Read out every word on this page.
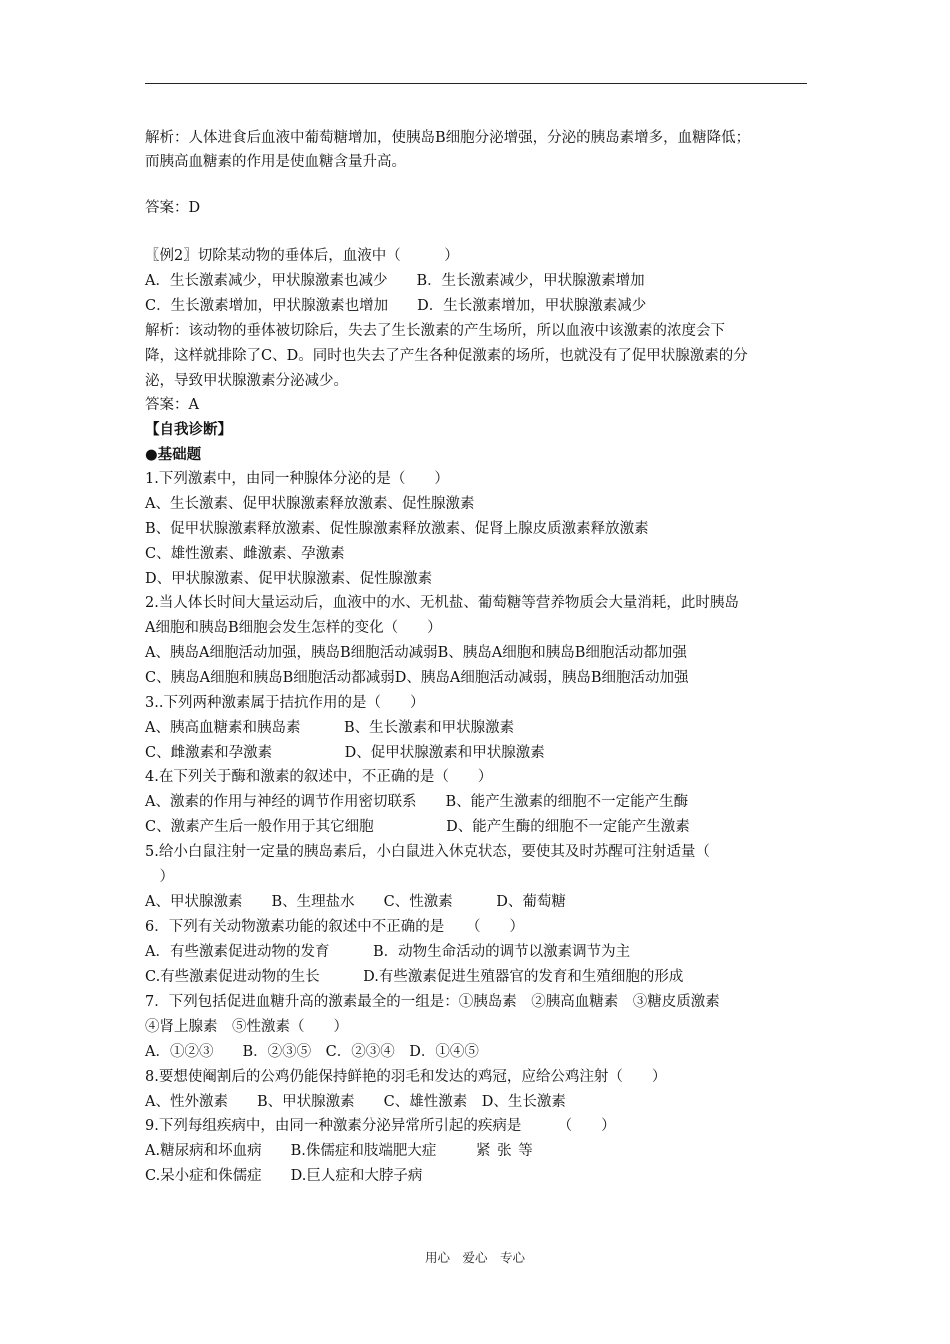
解析：人体进食后血液中葡萄糖增加，使胰岛B细胞分泌增强，分泌的胰岛素增多，血糖降低；
而胰高血糖素的作用是使血糖含量升高。
答案：D
〖例2〗切除某动物的垂体后，血液中（　　　）
A．生长激素减少，甲状腺激素也减少　　B．生长激素减少，甲状腺激素增加
C．生长激素增加，甲状腺激素也增加　　D．生长激素增加，甲状腺激素减少
解析：该动物的垂体被切除后，失去了生长激素的产生场所，所以血液中该激素的浓度会下
降，这样就排除了C、D。同时也失去了产生各种促激素的场所，也就没有了促甲状腺激素的分
泌，导致甲状腺激素分泌减少。
答案：A
【自我诊断】
●基础题
1.下列激素中，由同一种腺体分泌的是（　　）
A、生长激素、促甲状腺激素释放激素、促性腺激素
B、促甲状腺激素释放激素、促性腺激素释放激素、促肾上腺皮质激素释放激素
C、雄性激素、雌激素、孕激素
D、甲状腺激素、促甲状腺激素、促性腺激素
2.当人体长时间大量运动后，血液中的水、无机盐、葡萄糖等营养物质会大量消耗，此时胰岛
A细胞和胰岛B细胞会发生怎样的变化（　　）
A、胰岛A细胞活动加强，胰岛B细胞活动减弱B、胰岛A细胞和胰岛B细胞活动都加强
C、胰岛A细胞和胰岛B细胞活动都减弱D、胰岛A细胞活动减弱，胰岛B细胞活动加强
3..下列两种激素属于拮抗作用的是（　　）
A、胰高血糖素和胰岛素　　　B、生长激素和甲状腺激素
C、雌激素和孕激素　　　　　D、促甲状腺激素和甲状腺激素
4.在下列关于酶和激素的叙述中，不正确的是（　　）
A、激素的作用与神经的调节作用密切联系　　B、能产生激素的细胞不一定能产生酶
C、激素产生后一般作用于其它细胞　　　　　D、能产生酶的细胞不一定能产生激素
5.给小白鼠注射一定量的胰岛素后，小白鼠进入休克状态，要使其及时苏醒可注射适量（
　）
A、甲状腺激素　　B、生理盐水　　C、性激素　　　D、葡萄糖
6．下列有关动物激素功能的叙述中不正确的是　　（　　）
A．有些激素促进动物的发育　　　B．动物生命活动的调节以激素调节为主
C.有些激素促进动物的生长　　　D.有些激素促进生殖器官的发育和生殖细胞的形成
7．下列包括促进血糖升高的激素最全的一组是：①胰岛素　②胰高血糖素　③糖皮质激素
④肾上腺素　⑤性激素（　　）
A．①②③　　B．②③⑤　C．②③④　D．①④⑤
8.要想使阉割后的公鸡仍能保持鲜艳的羽毛和发达的鸡冠，应给公鸡注射（　　）
A、性外激素　　B、甲状腺激素　　C、雄性激素　D、生长激素
9.下列每组疾病中，由同一种激素分泌异常所引起的疾病是　　　（　　）
A.糖尿病和坏血病　　B.侏儒症和肢端肥大症
C.呆小症和侏儒症　　D.巨人症和大脖子病
紧 张 等
用心　爱心　专心
